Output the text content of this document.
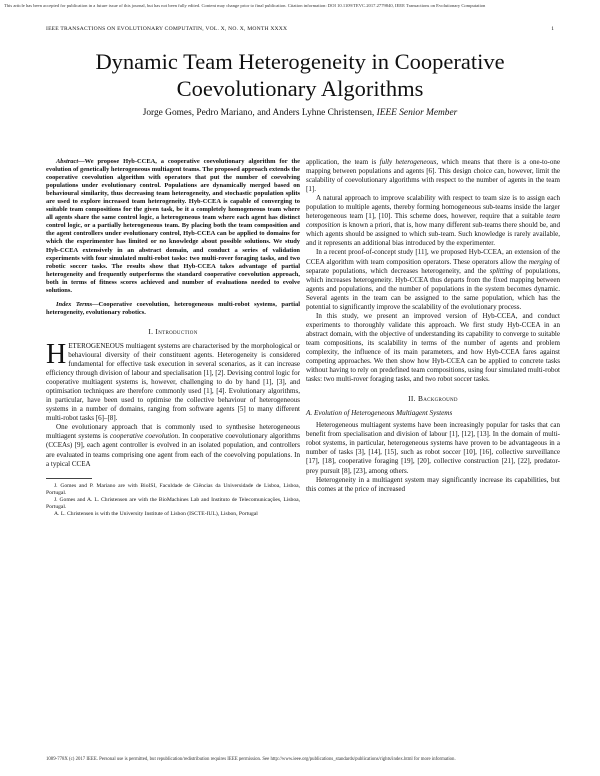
This article has been accepted for publication in a future issue of this journal, but has not been fully edited. Content may change prior to final publication. Citation information: DOI 10.1109/TEVC.2017.2779840, IEEE Transactions on Evolutionary Computation
IEEE TRANSACTIONS ON EVOLUTIONARY COMPUTATIN, VOL. X, NO. X, MONTH XXXX	1
Dynamic Team Heterogeneity in Cooperative Coevolutionary Algorithms
Jorge Gomes, Pedro Mariano, and Anders Lyhne Christensen, IEEE Senior Member

Abstract—We propose Hyb-CCEA, a cooperative coevolutionary algorithm for the evolution of genetically heterogeneous multiagent teams. The proposed approach extends the cooperative coevolution algorithm with operators that put the number of coevolving populations under evolutionary control. Populations are dynamically merged based on behavioural similarity, thus decreasing team heterogeneity, and stochastic population splits are used to explore increased team heterogeneity. Hyb-CCEA is capable of converging to suitable team compositions for the given task, be it a completely homogeneous team where all agents share the same control logic, a heterogeneous team where each agent has distinct control logic, or a partially heterogeneous team. By placing both the team composition and the agent controllers under evolutionary control, Hyb-CCEA can be applied to domains for which the experimenter has limited or no knowledge about possible solutions. We study Hyb-CCEA extensively in an abstract domain, and conduct a series of validation experiments with four simulated multi-robot tasks: two multi-rover foraging tasks, and two robotic soccer tasks. The results show that Hyb-CCEA takes advantage of partial heterogeneity and frequently outperforms the standard cooperative coevolution approach, both in terms of fitness scores achieved and number of evaluations needed to evolve solutions.

Index Terms—Cooperative coevolution, heterogeneous multi-robot systems, partial heterogeneity, evolutionary robotics.

I. Introduction

HETEROGENEOUS multiagent systems are characterised by the morphological or behavioural diversity of their constituent agents. Heterogeneity is considered fundamental for effective task execution in several scenarios, as it can increase efficiency through division of labour and specialisation [1], [2]. Devising control logic for cooperative multiagent systems is, however, challenging to do by hand [1], [3], and optimisation techniques are therefore commonly used [1], [4]. Evolutionary algorithms, in particular, have been used to optimise the collective behaviour of heterogeneous systems in a number of domains, ranging from software agents [5] to many different multi-robot tasks [6]–[8].

One evolutionary approach that is commonly used to synthesise heterogeneous multiagent systems is cooperative coevolution. In cooperative coevolutionary algorithms (CCEAs) [9], each agent controller is evolved in an isolated population, and controllers are evaluated in teams comprising one agent from each of the coevolving populations. In a typical CCEA

J. Gomes and P. Mariano are with BioISI, Faculdade de Ciências da Universidade de Lisboa, Lisboa, Portugal.

J. Gomes and A. L. Christensen are with the BioMachines Lab and Instituto de Telecomunicações, Lisboa, Portugal.

A. L. Christensen is with the University Institute of Lisbon (ISCTE-IUL), Lisbon, Portugal

application, the team is fully heterogeneous, which means that there is a one-to-one mapping between populations and agents [6]. This design choice can, however, limit the scalability of coevolutionary algorithms with respect to the number of agents in the team [1].

A natural approach to improve scalability with respect to team size is to assign each population to multiple agents, thereby forming homogeneous sub-teams inside the larger heterogeneous team [1], [10]. This scheme does, however, require that a suitable team composition is known a priori, that is, how many different sub-teams there should be, and which agents should be assigned to which sub-team. Such knowledge is rarely available, and it represents an additional bias introduced by the experimenter.

In a recent proof-of-concept study [11], we proposed Hyb-CCEA, an extension of the CCEA algorithm with team composition operators. These operators allow the merging of separate populations, which decreases heterogeneity, and the splitting of populations, which increases heterogeneity. Hyb-CCEA thus departs from the fixed mapping between agents and populations, and the number of populations in the system becomes dynamic. Several agents in the team can be assigned to the same population, which has the potential to significantly improve the scalability of the evolutionary process.

In this study, we present an improved version of Hyb-CCEA, and conduct experiments to thoroughly validate this approach. We first study Hyb-CCEA in an abstract domain, with the objective of understanding its capability to converge to suitable team compositions, its scalability in terms of the number of agents and problem complexity, the influence of its main parameters, and how Hyb-CCEA fares against competing approaches. We then show how Hyb-CCEA can be applied to concrete tasks without having to rely on predefined team compositions, using four simulated multi-robot tasks: two multi-rover foraging tasks, and two robot soccer tasks.

II. Background
A. Evolution of Heterogeneous Multiagent Systems

Heterogeneous multiagent systems have been increasingly popular for tasks that can benefit from specialisation and division of labour [1], [12], [13]. In the domain of multi-robot systems, in particular, heterogeneous systems have proven to be advantageous in a number of tasks [3], [14], [15], such as robot soccer [10], [16], collective surveillance [17], [18], cooperative foraging [19], [20], collective construction [21], [22], predator-prey pursuit [8], [23], among others.

Heterogeneity in a multiagent system may significantly increase its capabilities, but this comes at the price of increased

1089-778X (c) 2017 IEEE. Personal use is permitted, but republication/redistribution requires IEEE permission. See http://www.ieee.org/publications_standards/publications/rights/index.html for more information.
